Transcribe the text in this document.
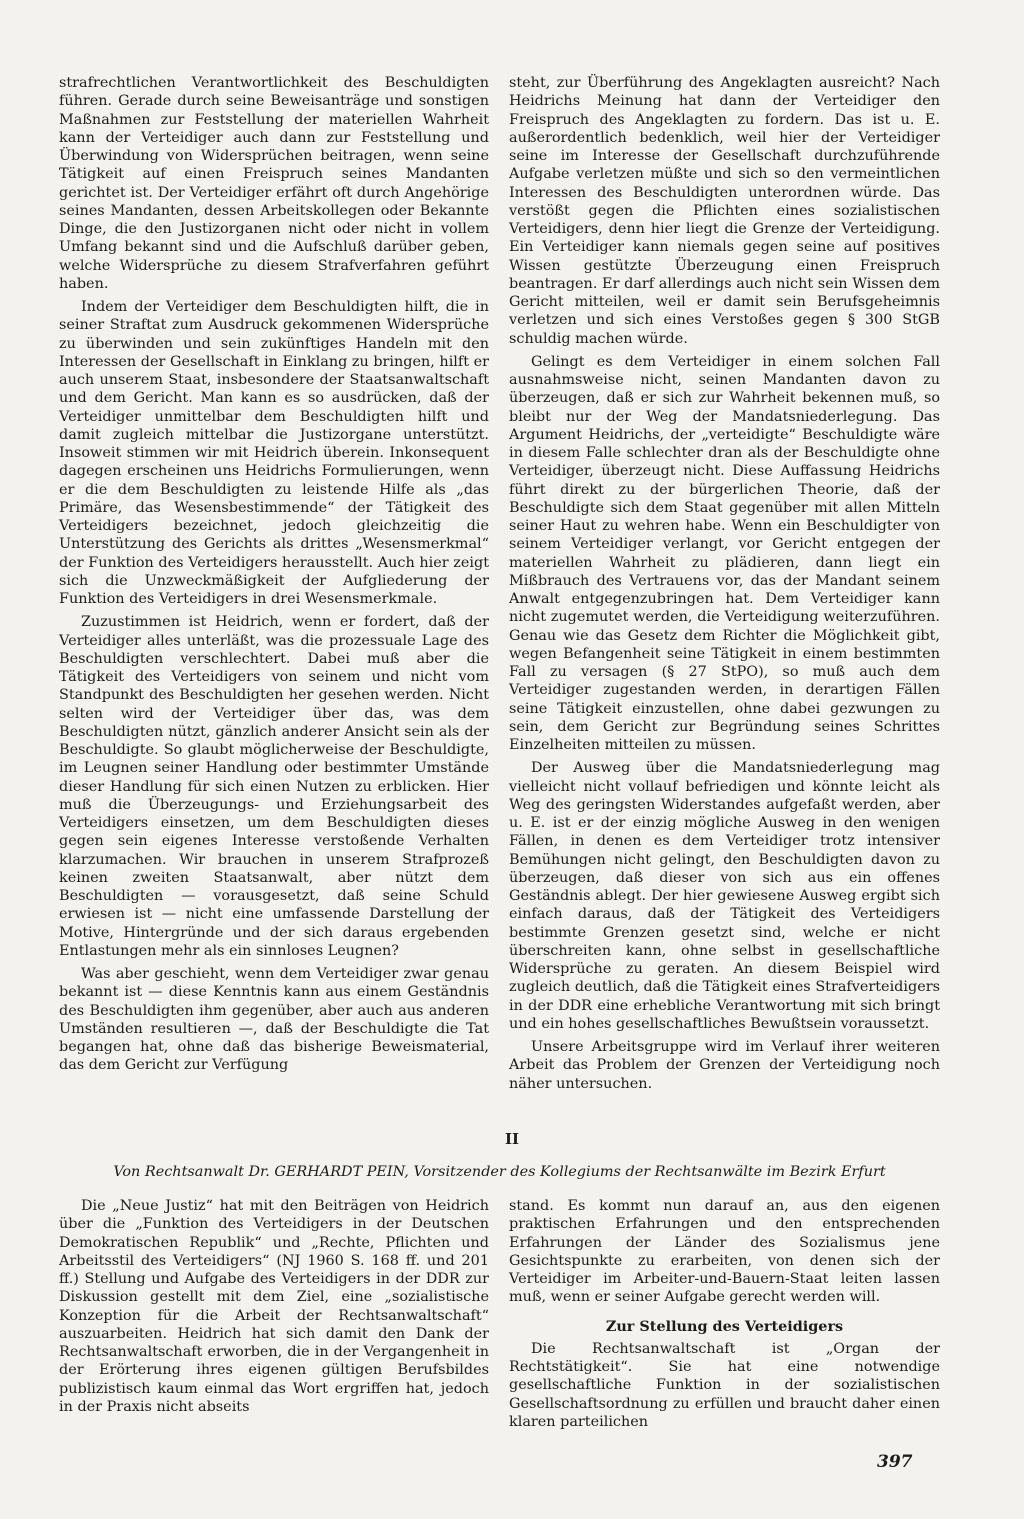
strafrechtlichen Verantwortlichkeit des Beschuldigten führen. Gerade durch seine Beweisanträge und sonstigen Maßnahmen zur Feststellung der materiellen Wahrheit kann der Verteidiger auch dann zur Feststellung und Überwindung von Widersprüchen beitragen, wenn seine Tätigkeit auf einen Freispruch seines Mandanten gerichtet ist. Der Verteidiger erfährt oft durch Angehörige seines Mandanten, dessen Arbeitskollegen oder Bekannte Dinge, die den Justizorganen nicht oder nicht in vollem Umfang bekannt sind und die Aufschluß darüber geben, welche Widersprüche zu diesem Strafverfahren geführt haben.

Indem der Verteidiger dem Beschuldigten hilft, die in seiner Straftat zum Ausdruck gekommenen Widersprüche zu überwinden und sein zukünftiges Handeln mit den Interessen der Gesellschaft in Einklang zu bringen, hilft er auch unserem Staat, insbesondere der Staatsanwaltschaft und dem Gericht. Man kann es so ausdrücken, daß der Verteidiger unmittelbar dem Beschuldigten hilft und damit zugleich mittelbar die Justizorgane unterstützt. Insoweit stimmen wir mit Heidrich überein. Inkonsequent dagegen erscheinen uns Heidrichs Formulierungen, wenn er die dem Beschuldigten zu leistende Hilfe als „das Primäre, das Wesensbestimmende“ der Tätigkeit des Verteidigers bezeichnet, jedoch gleichzeitig die Unterstützung des Gerichts als drittes „Wesensmerkmal“ der Funktion des Verteidigers herausstellt. Auch hier zeigt sich die Unzweckmäßigkeit der Aufgliederung der Funktion des Verteidigers in drei Wesensmerkmale.

Zuzustimmen ist Heidrich, wenn er fordert, daß der Verteidiger alles unterläßt, was die prozessuale Lage des Beschuldigten verschlechtert. Dabei muß aber die Tätigkeit des Verteidigers von seinem und nicht vom Standpunkt des Beschuldigten her gesehen werden. Nicht selten wird der Verteidiger über das, was dem Beschuldigten nützt, gänzlich anderer Ansicht sein als der Beschuldigte. So glaubt möglicherweise der Beschuldigte, im Leugnen seiner Handlung oder bestimmter Umstände dieser Handlung für sich einen Nutzen zu erblicken. Hier muß die Überzeugungs- und Erziehungsarbeit des Verteidigers einsetzen, um dem Beschuldigten dieses gegen sein eigenes Interesse verstoßende Verhalten klarzumachen. Wir brauchen in unserem Strafprozeß keinen zweiten Staatsanwalt, aber nützt dem Beschuldigten — vorausgesetzt, daß seine Schuld erwiesen ist — nicht eine umfassende Darstellung der Motive, Hintergründe und der sich daraus ergebenden Entlastungen mehr als ein sinnloses Leugnen?

Was aber geschieht, wenn dem Verteidiger zwar genau bekannt ist — diese Kenntnis kann aus einem Geständnis des Beschuldigten ihm gegenüber, aber auch aus anderen Umständen resultieren —, daß der Beschuldigte die Tat begangen hat, ohne daß das bisherige Beweismaterial, das dem Gericht zur Verfügung

steht, zur Überführung des Angeklagten ausreicht? Nach Heidrichs Meinung hat dann der Verteidiger den Freispruch des Angeklagten zu fordern. Das ist u. E. außerordentlich bedenklich, weil hier der Verteidiger seine im Interesse der Gesellschaft durchzuführende Aufgabe verletzen müßte und sich so den vermeintlichen Interessen des Beschuldigten unterordnen würde. Das verstößt gegen die Pflichten eines sozialistischen Verteidigers, denn hier liegt die Grenze der Verteidigung. Ein Verteidiger kann niemals gegen seine auf positives Wissen gestützte Überzeugung einen Freispruch beantragen. Er darf allerdings auch nicht sein Wissen dem Gericht mitteilen, weil er damit sein Berufsgeheimnis verletzen und sich eines Verstoßes gegen § 300 StGB schuldig machen würde.

Gelingt es dem Verteidiger in einem solchen Fall ausnahmsweise nicht, seinen Mandanten davon zu überzeugen, daß er sich zur Wahrheit bekennen muß, so bleibt nur der Weg der Mandatsniederlegung. Das Argument Heidrichs, der „verteidigte“ Beschuldigte wäre in diesem Falle schlechter dran als der Beschuldigte ohne Verteidiger, überzeugt nicht. Diese Auffassung Heidrichs führt direkt zu der bürgerlichen Theorie, daß der Beschuldigte sich dem Staat gegenüber mit allen Mitteln seiner Haut zu wehren habe. Wenn ein Beschuldigter von seinem Verteidiger verlangt, vor Gericht entgegen der materiellen Wahrheit zu plädieren, dann liegt ein Mißbrauch des Vertrauens vor, das der Mandant seinem Anwalt entgegenzubringen hat. Dem Verteidiger kann nicht zugemutet werden, die Verteidigung weiterzuführen. Genau wie das Gesetz dem Richter die Möglichkeit gibt, wegen Befangenheit seine Tätigkeit in einem bestimmten Fall zu versagen (§ 27 StPO), so muß auch dem Verteidiger zugestanden werden, in derartigen Fällen seine Tätigkeit einzustellen, ohne dabei gezwungen zu sein, dem Gericht zur Begründung seines Schrittes Einzelheiten mitteilen zu müssen.

Der Ausweg über die Mandatsniederlegung mag vielleicht nicht vollauf befriedigen und könnte leicht als Weg des geringsten Widerstandes aufgefaßt werden, aber u. E. ist er der einzig mögliche Ausweg in den wenigen Fällen, in denen es dem Verteidiger trotz intensiver Bemühungen nicht gelingt, den Beschuldigten davon zu überzeugen, daß dieser von sich aus ein offenes Geständnis ablegt. Der hier gewiesene Ausweg ergibt sich einfach daraus, daß der Tätigkeit des Verteidigers bestimmte Grenzen gesetzt sind, welche er nicht überschreiten kann, ohne selbst in gesellschaftliche Widersprüche zu geraten. An diesem Beispiel wird zugleich deutlich, daß die Tätigkeit eines Strafverteidigers in der DDR eine erhebliche Verantwortung mit sich bringt und ein hohes gesellschaftliches Bewußtsein voraussetzt.

Unsere Arbeitsgruppe wird im Verlauf ihrer weiteren Arbeit das Problem der Grenzen der Verteidigung noch näher untersuchen.

II
Von Rechtsanwalt Dr. GERHARDT PEIN, Vorsitzender des Kollegiums der Rechtsanwälte im Bezirk Erfurt

Die „Neue Justiz“ hat mit den Beiträgen von Heidrich über die „Funktion des Verteidigers in der Deutschen Demokratischen Republik“ und „Rechte, Pflichten und Arbeitsstil des Verteidigers“ (NJ 1960 S. 168 ff. und 201 ff.) Stellung und Aufgabe des Verteidigers in der DDR zur Diskussion gestellt mit dem Ziel, eine „sozialistische Konzeption für die Arbeit der Rechtsanwaltschaft“ auszuarbeiten. Heidrich hat sich damit den Dank der Rechtsanwaltschaft erworben, die in der Vergangenheit in der Erörterung ihres eigenen gültigen Berufsbildes publizistisch kaum einmal das Wort ergriffen hat, jedoch in der Praxis nicht abseits

stand. Es kommt nun darauf an, aus den eigenen praktischen Erfahrungen und den entsprechenden Erfahrungen der Länder des Sozialismus jene Gesichtspunkte zu erarbeiten, von denen sich der Verteidiger im Arbeiter-und-Bauern-Staat leiten lassen muß, wenn er seiner Aufgabe gerecht werden will.

Zur Stellung des Verteidigers

Die Rechtsanwaltschaft ist „Organ der Rechtstätigkeit“. Sie hat eine notwendige gesellschaftliche Funktion in der sozialistischen Gesellschaftsordnung zu erfüllen und braucht daher einen klaren parteilichen

397
